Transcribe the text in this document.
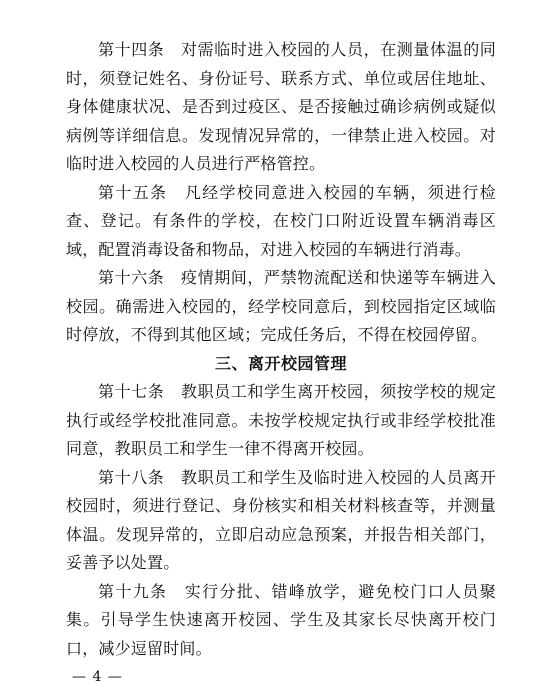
第十四条　 对需临时进入校园的人员，在测量体温的同时，须登记姓名、身份证号、联系方式、单位或居住地址、身体健康状况、是否到过疫区、是否接触过确诊病例或疑似病例等详细信息。发现情况异常的，一律禁止进入校园。对临时进入校园的人员进行严格管控。

第十五条　 凡经学校同意进入校园的车辆，须进行检查、登记。有条件的学校，在校门口附近设置车辆消毒区域，配置消毒设备和物品，对进入校园的车辆进行消毒。

第十六条　 疫情期间，严禁物流配送和快递等车辆进入校园。确需进入校园的，经学校同意后，到校园指定区域临时停放，不得到其他区域；完成任务后，不得在校园停留。

三、离开校园管理

第十七条　 教职员工和学生离开校园，须按学校的规定执行或经学校批准同意。未按学校规定执行或非经学校批准同意，教职员工和学生一律不得离开校园。

第十八条　 教职员工和学生及临时进入校园的人员离开校园时，须进行登记、身份核实和相关材料核查等，并测量体温。发现异常的，立即启动应急预案，并报告相关部门，妥善予以处置。

第十九条　 实行分批、错峰放学，避免校门口人员聚集。引导学生快速离开校园、学生及其家长尽快离开校门口，减少逗留时间。

— 4 —
